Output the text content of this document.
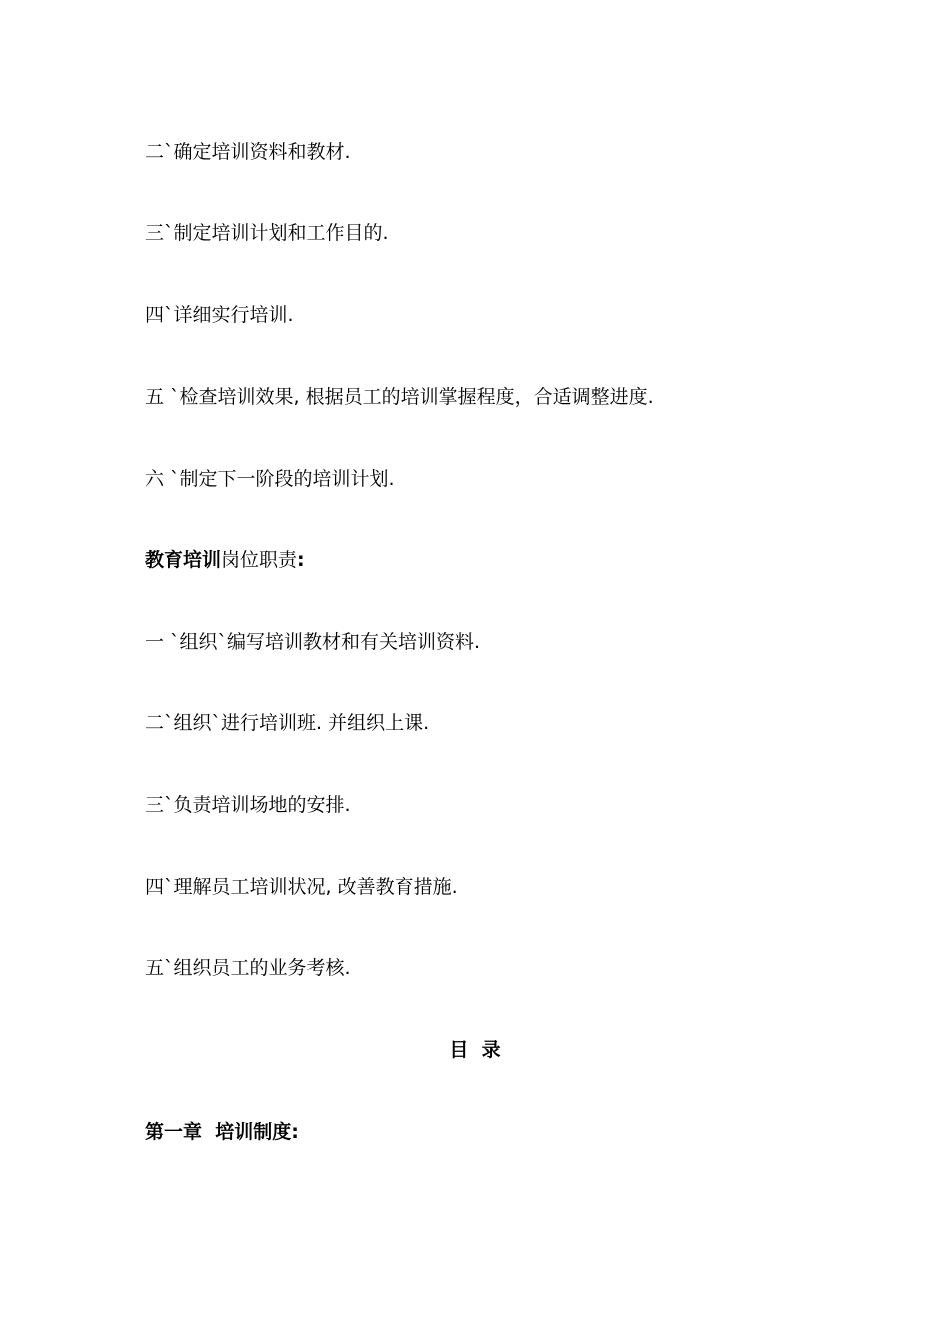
二`确定培训资料和教材.
三`制定培训计划和工作目的.
四`详细实行培训.
五 `检查培训效果, 根据员工的培训掌握程度，合适调整进度.
六 `制定下一阶段的培训计划.
教育培训岗位职责:
一 `组织`编写培训教材和有关培训资料.
二`组织`进行培训班. 并组织上课.
三`负责培训场地的安排.
四`理解员工培训状况, 改善教育措施.
五`组织员工的业务考核.
目  录
第一章  培训制度:
